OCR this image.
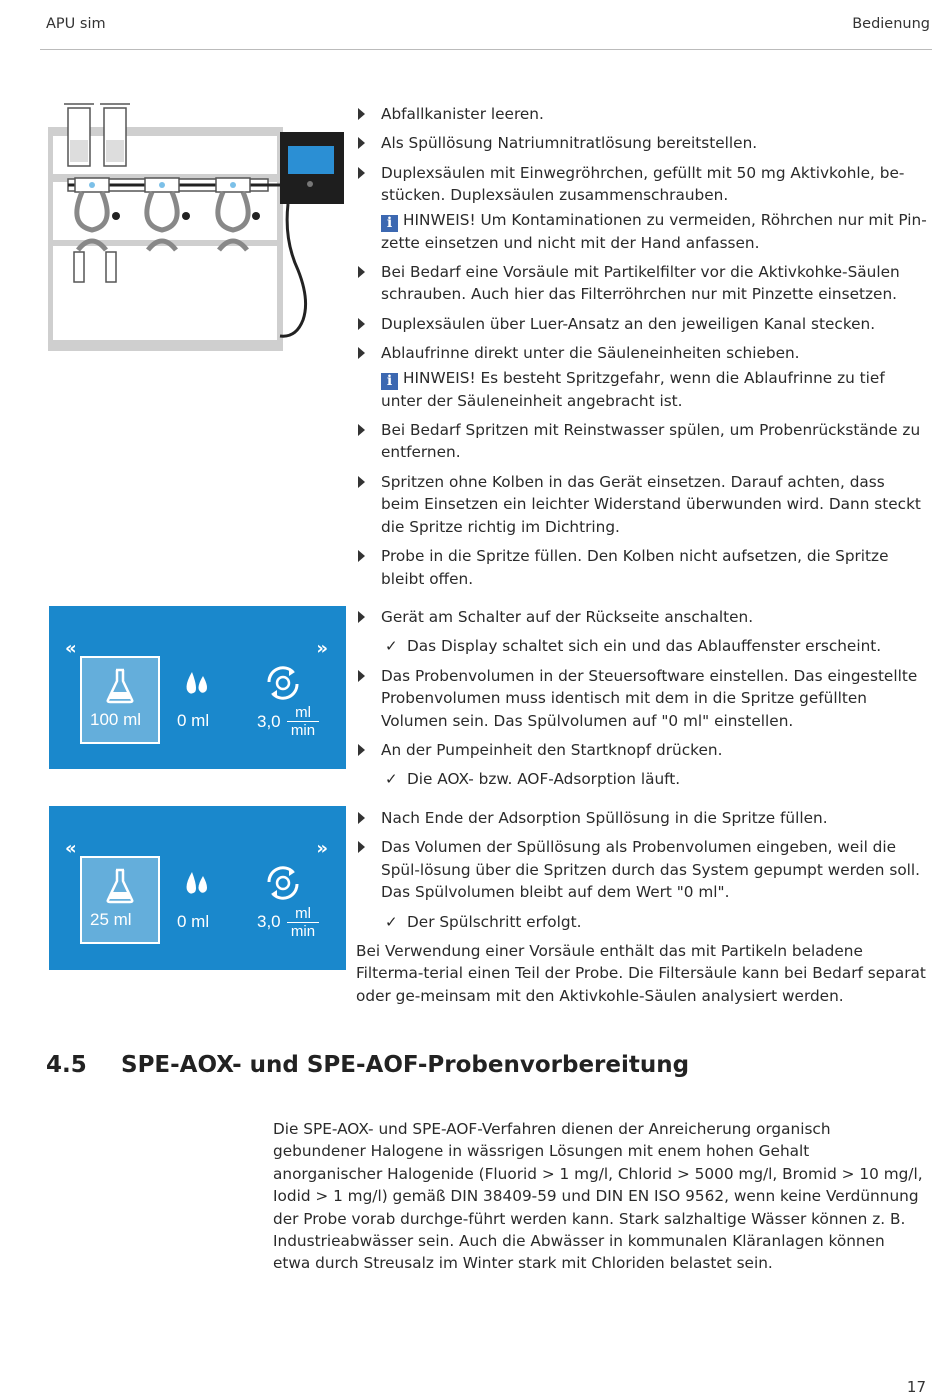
APU sim	Bedienung
Abfallkanister leeren.
Als Spüllösung Natriumnitratlösung bereitstellen.
Duplexsäulen mit Einwegröhrchen, gefüllt mit 50 mg Aktivkohle, be-stücken. Duplexsäulen zusammenschrauben.
i HINWEIS! Um Kontaminationen zu vermeiden, Röhrchen nur mit Pin-zette einsetzen und nicht mit der Hand anfassen.
Bei Bedarf eine Vorsäule mit Partikelfilter vor die Aktivkohke-Säulen schrauben. Auch hier das Filterröhrchen nur mit Pinzette einsetzen.
Duplexsäulen über Luer-Ansatz an den jeweiligen Kanal stecken.
Ablaufrinne direkt unter die Säuleneinheiten schieben.
i HINWEIS! Es besteht Spritzgefahr, wenn die Ablaufrinne zu tief unter der Säuleneinheit angebracht ist.
Bei Bedarf Spritzen mit Reinstwasser spülen, um Probenrückstände zu entfernen.
Spritzen ohne Kolben in das Gerät einsetzen. Darauf achten, dass beim Einsetzen ein leichter Widerstand überwunden wird. Dann steckt die Spritze richtig im Dichtring.
Probe in die Spritze füllen. Den Kolben nicht aufsetzen, die Spritze bleibt offen.
Gerät am Schalter auf der Rückseite anschalten.
✓ Das Display schaltet sich ein und das Ablauffenster erscheint.
Das Probenvolumen in der Steuersoftware einstellen. Das eingestellte Probenvolumen muss identisch mit dem in die Spritze gefüllten Volumen sein. Das Spülvolumen auf "0 ml" einstellen.
An der Pumpeinheit den Startknopf drücken.
✓ Die AOX- bzw. AOF-Adsorption läuft.
Nach Ende der Adsorption Spüllösung in die Spritze füllen.
Das Volumen der Spüllösung als Probenvolumen eingeben, weil die Spül-lösung über die Spritzen durch das System gepumpt werden soll. Das Spülvolumen bleibt auf dem Wert "0 ml".
✓ Der Spülschritt erfolgt.

Bei Verwendung einer Vorsäule enthält das mit Partikeln beladene Filterma-terial einen Teil der Probe. Die Filtersäule kann bei Bedarf separat oder ge-meinsam mit den Aktivkohle-Säulen analysiert werden.

«	»
100 ml 0 ml	3,0 ml
min
«	»
25 ml	0 ml	3,0 ml
min
4.5 SPE-AOX- und SPE-AOF-Probenvorbereitung

Die SPE-AOX- und SPE-AOF-Verfahren dienen der Anreicherung organisch gebundener Halogene in wässrigen Lösungen mit enem hohen Gehalt anorganischer Halogenide (Fluorid > 1 mg/l, Chlorid > 5000 mg/l, Bromid > 10 mg/l, Iodid > 1 mg/l) gemäß DIN 38409-59 und DIN EN ISO 9562, wenn keine Verdünnung der Probe vorab durchge-führt werden kann. Stark salzhaltige Wässer können z. B. Industrieabwässer sein. Auch die Abwässer in kommunalen Kläranlagen können etwa durch Streusalz im Winter stark mit Chloriden belastet sein.

17
